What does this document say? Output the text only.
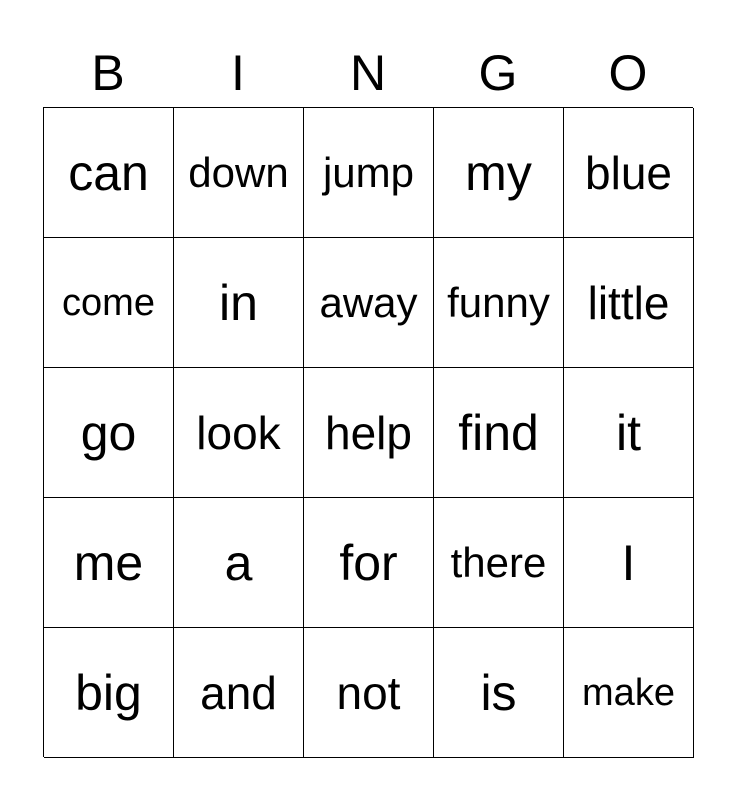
B	I	N	G	O
can down jump my blue
come in away funny little
go look help find it
me a for there I
big and not is make
